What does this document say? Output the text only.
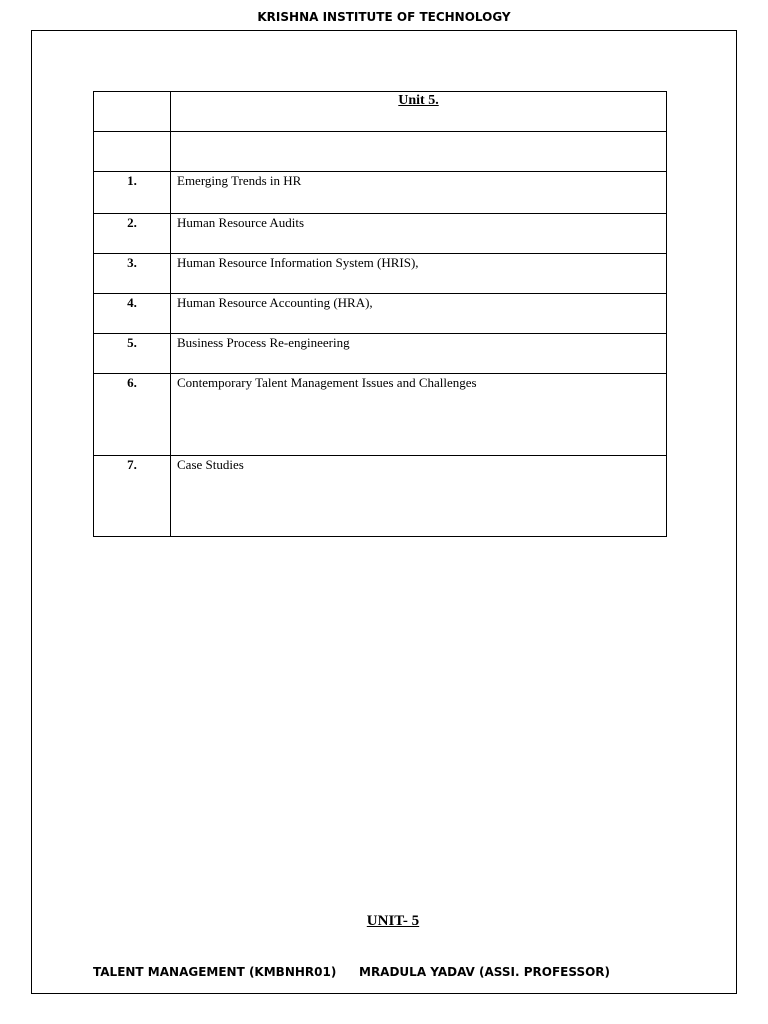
KRISHNA INSTITUTE OF TECHNOLOGY

	Unit 5.

1.	Emerging Trends in HR
2.	Human Resource Audits
3.	Human Resource Information System (HRIS),
4.	Human Resource Accounting (HRA),
5.	Business Process Re-engineering
6.	Contemporary Talent Management Issues and Challenges
7.	Case Studies
UNIT- 5
TALENT MANAGEMENT (KMBNHR01) MRADULA YADAV (ASSI. PROFESSOR)
